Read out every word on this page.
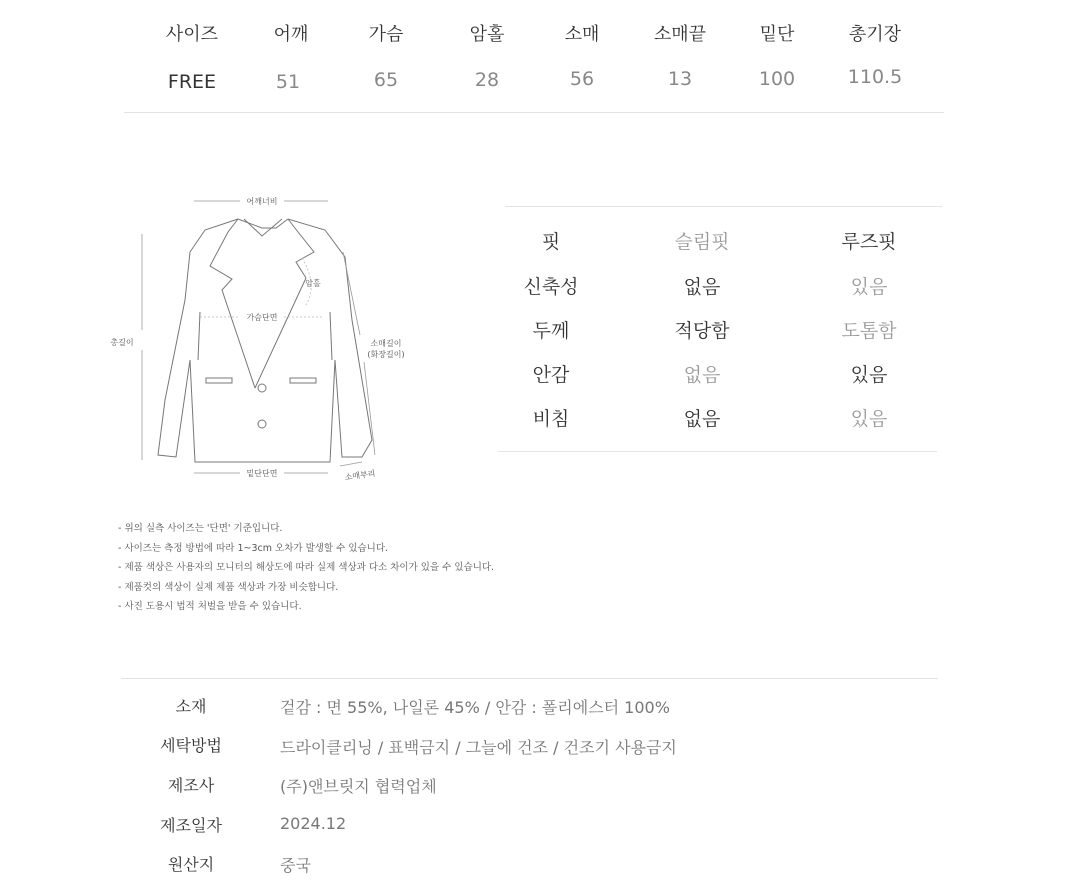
사이즈	어깨	가슴	암홀	소매	소매끝	밑단	총기장
FREE	51	65	28	56	13	100	110.5
어깨너비
암홀
가슴단면
총길이	소매길이
(화장길이)
밑단단면	소매부리
핏	슬림핏	루즈핏
신축성	없음	있음
두께	적당함	도톰함
안감	없음	있음
비침	없음	있음
- 위의 실측 사이즈는 '단면' 기준입니다.
- 사이즈는 측정 방법에 따라 1~3cm 오차가 발생할 수 있습니다.
- 제품 색상은 사용자의 모니터의 해상도에 따라 실제 색상과 다소 차이가 있을 수 있습니다.
- 제품컷의 색상이 실제 제품 색상과 가장 비슷합니다.
- 사진 도용시 법적 처벌을 받을 수 있습니다.
소재	겉감 : 면 55%, 나일론 45% / 안감 : 폴리에스터 100%
세탁방법	드라이클리닝 / 표백금지 / 그늘에 건조 / 건조기 사용금지
제조사	(주)앤브릿지 협력업체
제조일자	2024.12
원산지	중국
